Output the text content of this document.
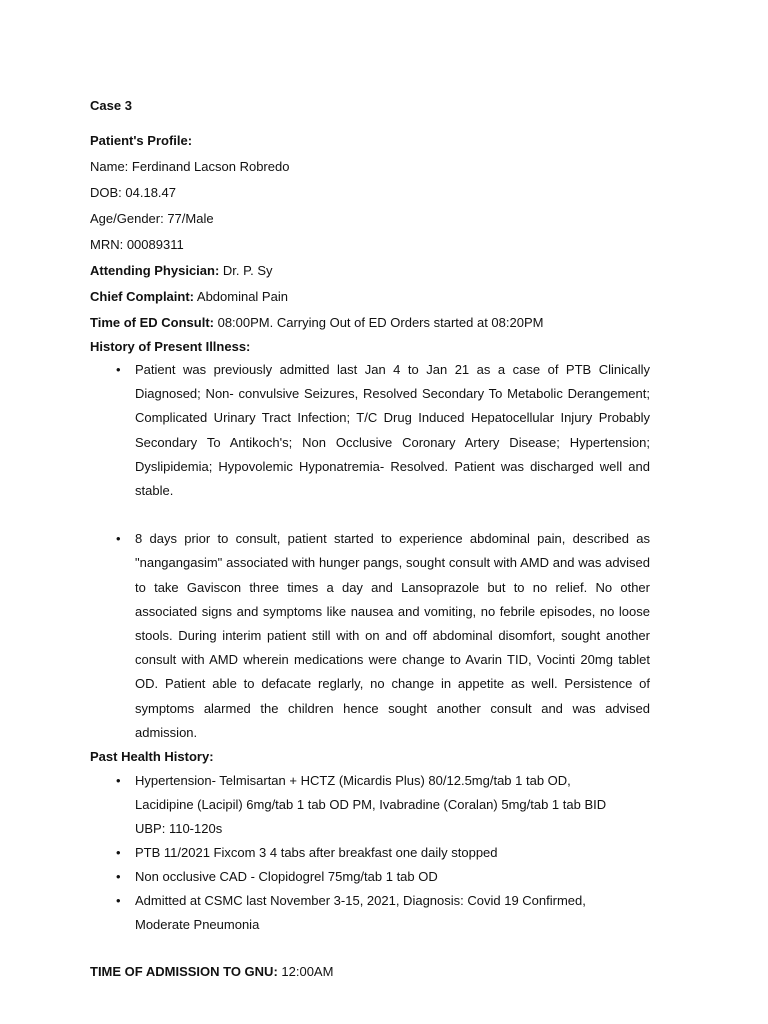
Case 3
Patient's Profile:
Name: Ferdinand Lacson Robredo
DOB: 04.18.47
Age/Gender: 77/Male
MRN: 00089311
Attending Physician: Dr. P. Sy
Chief Complaint: Abdominal Pain
Time of ED Consult: 08:00PM. Carrying Out of ED Orders started at 08:20PM
History of Present Illness:
• Patient was previously admitted last Jan 4 to Jan 21 as a case of PTB Clinically Diagnosed; Non- convulsive Seizures, Resolved Secondary To Metabolic Derangement; Complicated Urinary Tract Infection; T/C Drug Induced Hepatocellular Injury Probably Secondary To Antikoch's; Non Occlusive Coronary Artery Disease; Hypertension; Dyslipidemia; Hypovolemic Hyponatremia- Resolved. Patient was discharged well and stable.
• 8 days prior to consult, patient started to experience abdominal pain, described as "nangangasim" associated with hunger pangs, sought consult with AMD and was advised to take Gaviscon three times a day and Lansoprazole but to no relief. No other associated signs and symptoms like nausea and vomiting, no febrile episodes, no loose stools. During interim patient still with on and off abdominal disomfort, sought another consult with AMD wherein medications were change to Avarin TID, Vocinti 20mg tablet OD. Patient able to defacate reglarly, no change in appetite as well. Persistence of symptoms alarmed the children hence sought another consult and was advised admission.
Past Health History:
• Hypertension- Telmisartan + HCTZ (Micardis Plus) 80/12.5mg/tab 1 tab OD,
Lacidipine (Lacipil) 6mg/tab 1 tab OD PM, Ivabradine (Coralan) 5mg/tab 1 tab BID
UBP: 110-120s
• PTB 11/2021 Fixcom 3 4 tabs after breakfast one daily stopped
• Non occlusive CAD - Clopidogrel 75mg/tab 1 tab OD
• Admitted at CSMC last November 3-15, 2021, Diagnosis: Covid 19 Confirmed,
Moderate Pneumonia
TIME OF ADMISSION TO GNU: 12:00AM
